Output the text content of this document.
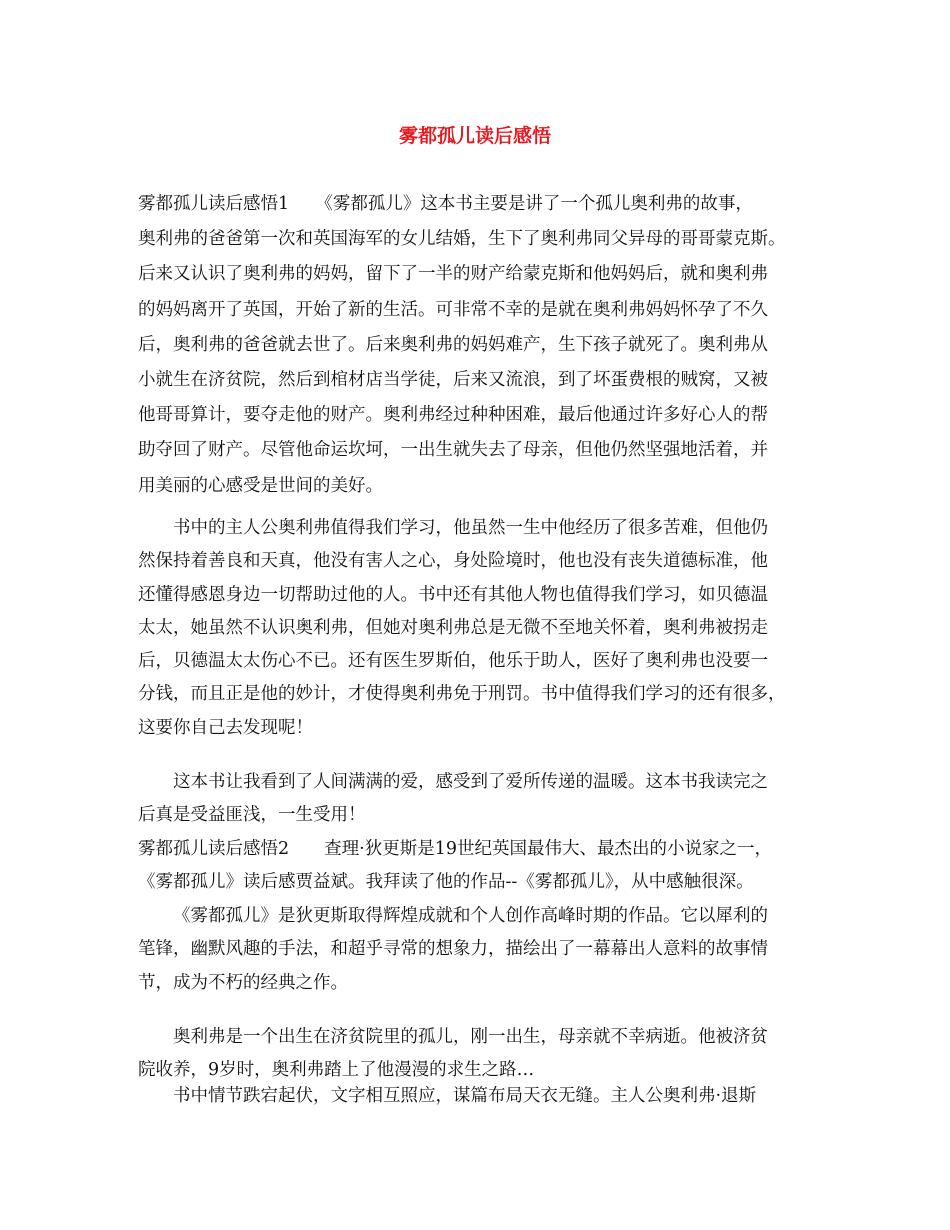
雾都孤儿读后感悟
雾都孤儿读后感悟1　　《雾都孤儿》这本书主要是讲了一个孤儿奥利弗的故事，
奥利弗的爸爸第一次和英国海军的女儿结婚，生下了奥利弗同父异母的哥哥蒙克斯。
后来又认识了奥利弗的妈妈，留下了一半的财产给蒙克斯和他妈妈后，就和奥利弗
的妈妈离开了英国，开始了新的生活。可非常不幸的是就在奥利弗妈妈怀孕了不久
后，奥利弗的爸爸就去世了。后来奥利弗的妈妈难产，生下孩子就死了。奥利弗从
小就生在济贫院，然后到棺材店当学徒，后来又流浪，到了坏蛋费根的贼窝，又被
他哥哥算计，要夺走他的财产。奥利弗经过种种困难，最后他通过许多好心人的帮
助夺回了财产。尽管他命运坎坷，一出生就失去了母亲，但他仍然坚强地活着，并
用美丽的心感受是世间的美好。
书中的主人公奥利弗值得我们学习，他虽然一生中他经历了很多苦难，但他仍
然保持着善良和天真，他没有害人之心，身处险境时，他也没有丧失道德标准，他
还懂得感恩身边一切帮助过他的人。书中还有其他人物也值得我们学习，如贝德温
太太，她虽然不认识奥利弗，但她对奥利弗总是无微不至地关怀着，奥利弗被拐走
后，贝德温太太伤心不已。还有医生罗斯伯，他乐于助人，医好了奥利弗也没要一
分钱，而且正是他的妙计，才使得奥利弗免于刑罚。书中值得我们学习的还有很多，
这要你自己去发现呢！
这本书让我看到了人间满满的爱，感受到了爱所传递的温暖。这本书我读完之
后真是受益匪浅，一生受用！
雾都孤儿读后感悟2　　查理·狄更斯是19世纪英国最伟大、最杰出的小说家之一，
《雾都孤儿》读后感贾益斌。我拜读了他的作品--《雾都孤儿》，从中感触很深。
《雾都孤儿》是狄更斯取得辉煌成就和个人创作高峰时期的作品。它以犀利的
笔锋，幽默风趣的手法，和超乎寻常的想象力，描绘出了一幕幕出人意料的故事情
节，成为不朽的经典之作。
奥利弗是一个出生在济贫院里的孤儿，刚一出生，母亲就不幸病逝。他被济贫
院收养，9岁时，奥利弗踏上了他漫漫的求生之路…
书中情节跌宕起伏，文字相互照应，谋篇布局天衣无缝。主人公奥利弗·退斯
